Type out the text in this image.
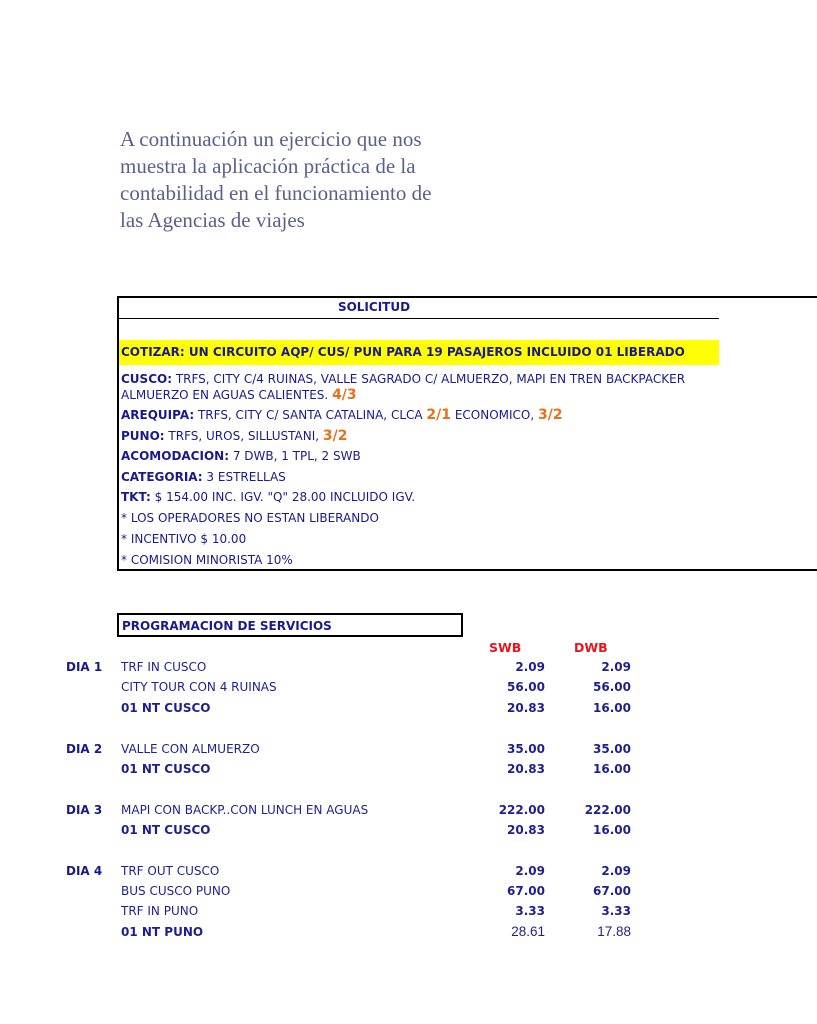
A continuación un ejercicio que nos
muestra la aplicación práctica de la
contabilidad en el funcionamiento de
las Agencias de viajes
SOLICITUD
COTIZAR: UN CIRCUITO AQP/ CUS/ PUN PARA 19 PASAJEROS INCLUIDO 01 LIBERADO
CUSCO: TRFS, CITY C/4 RUINAS, VALLE SAGRADO C/ ALMUERZO, MAPI EN TREN BACKPACKER
ALMUERZO EN AGUAS CALIENTES. 4/3
AREQUIPA: TRFS, CITY C/ SANTA CATALINA, CLCA 2/1 ECONOMICO, 3/2
PUNO: TRFS, UROS, SILLUSTANI, 3/2
ACOMODACION: 7 DWB, 1 TPL, 2 SWB
CATEGORIA: 3 ESTRELLAS
TKT: $ 154.00 INC. IGV. "Q" 28.00 INCLUIDO IGV.
* LOS OPERADORES NO ESTAN LIBERANDO
* INCENTIVO $ 10.00
* COMISION MINORISTA 10%
PROGRAMACION DE SERVICIOS
SWB	DWB
DIA 1 TRF IN CUSCO	2.09	2.09
CITY TOUR CON 4 RUINAS	56.00	56.00
01 NT CUSCO	20.83	16.00
DIA 2 VALLE CON ALMUERZO	35.00	35.00
01 NT CUSCO	20.83	16.00
DIA 3 MAPI CON BACKP..CON LUNCH EN AGUAS	222.00	222.00
01 NT CUSCO	20.83	16.00
DIA 4 TRF OUT CUSCO	2.09	2.09
BUS CUSCO PUNO	67.00	67.00
TRF IN PUNO	3.33	3.33
01 NT PUNO	28.61	17.88
